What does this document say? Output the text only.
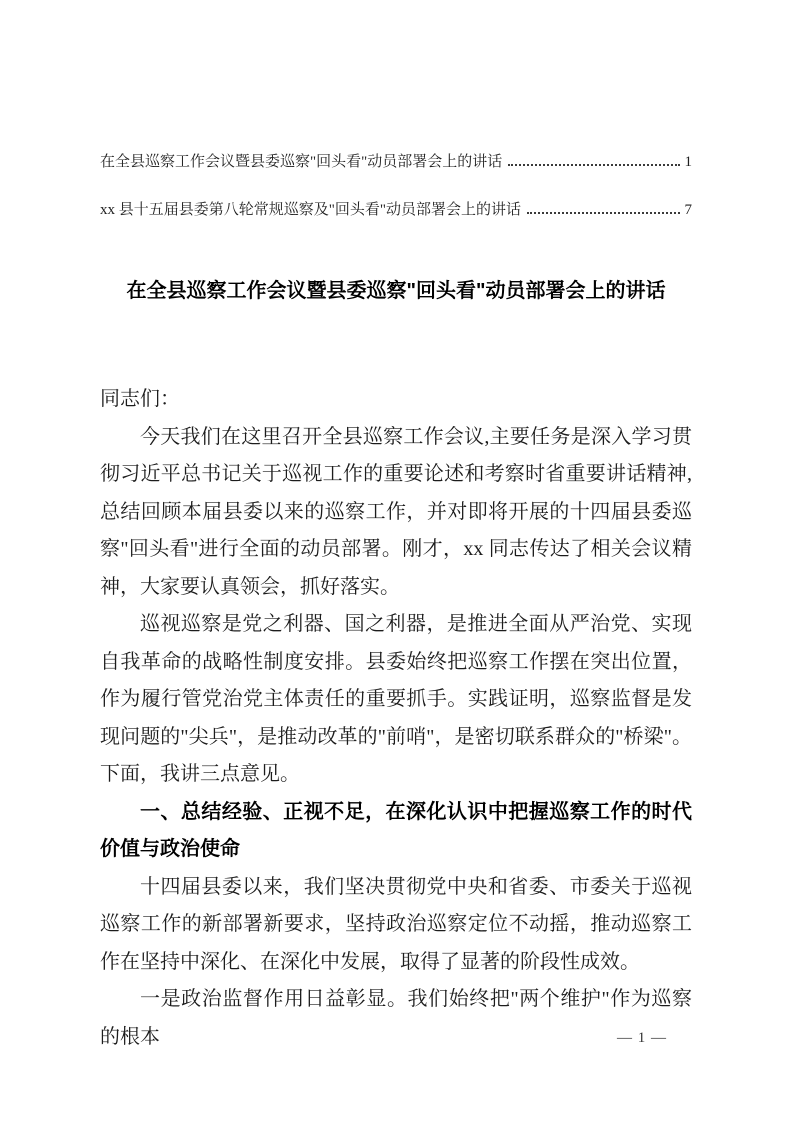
在全县巡察工作会议暨县委巡察"回头看"动员部署会上的讲话	1
xx 县十五届县委第八轮常规巡察及"回头看"动员部署会上的讲话	7
在全县巡察工作会议暨县委巡察"回头看"动员部署会上的讲话

同志们：

今天我们在这里召开全县巡察工作会议,主要任务是深入学习贯彻习近平总书记关于巡视工作的重要论述和考察时省重要讲话精神,总结回顾本届县委以来的巡察工作，并对即将开展的十四届县委巡察"回头看"进行全面的动员部署。刚才，xx 同志传达了相关会议精神，大家要认真领会，抓好落实。

巡视巡察是党之利器、国之利器，是推进全面从严治党、实现自我革命的战略性制度安排。县委始终把巡察工作摆在突出位置，作为履行管党治党主体责任的重要抓手。实践证明，巡察监督是发现问题的"尖兵"，是推动改革的"前哨"，是密切联系群众的"桥梁"。下面，我讲三点意见。

一、总结经验、正视不足，在深化认识中把握巡察工作的时代价值与政治使命

十四届县委以来，我们坚决贯彻党中央和省委、市委关于巡视巡察工作的新部署新要求，坚持政治巡察定位不动摇，推动巡察工作在坚持中深化、在深化中发展，取得了显著的阶段性成效。

一是政治监督作用日益彰显。我们始终把"两个维护"作为巡察的根本	— 1 —
